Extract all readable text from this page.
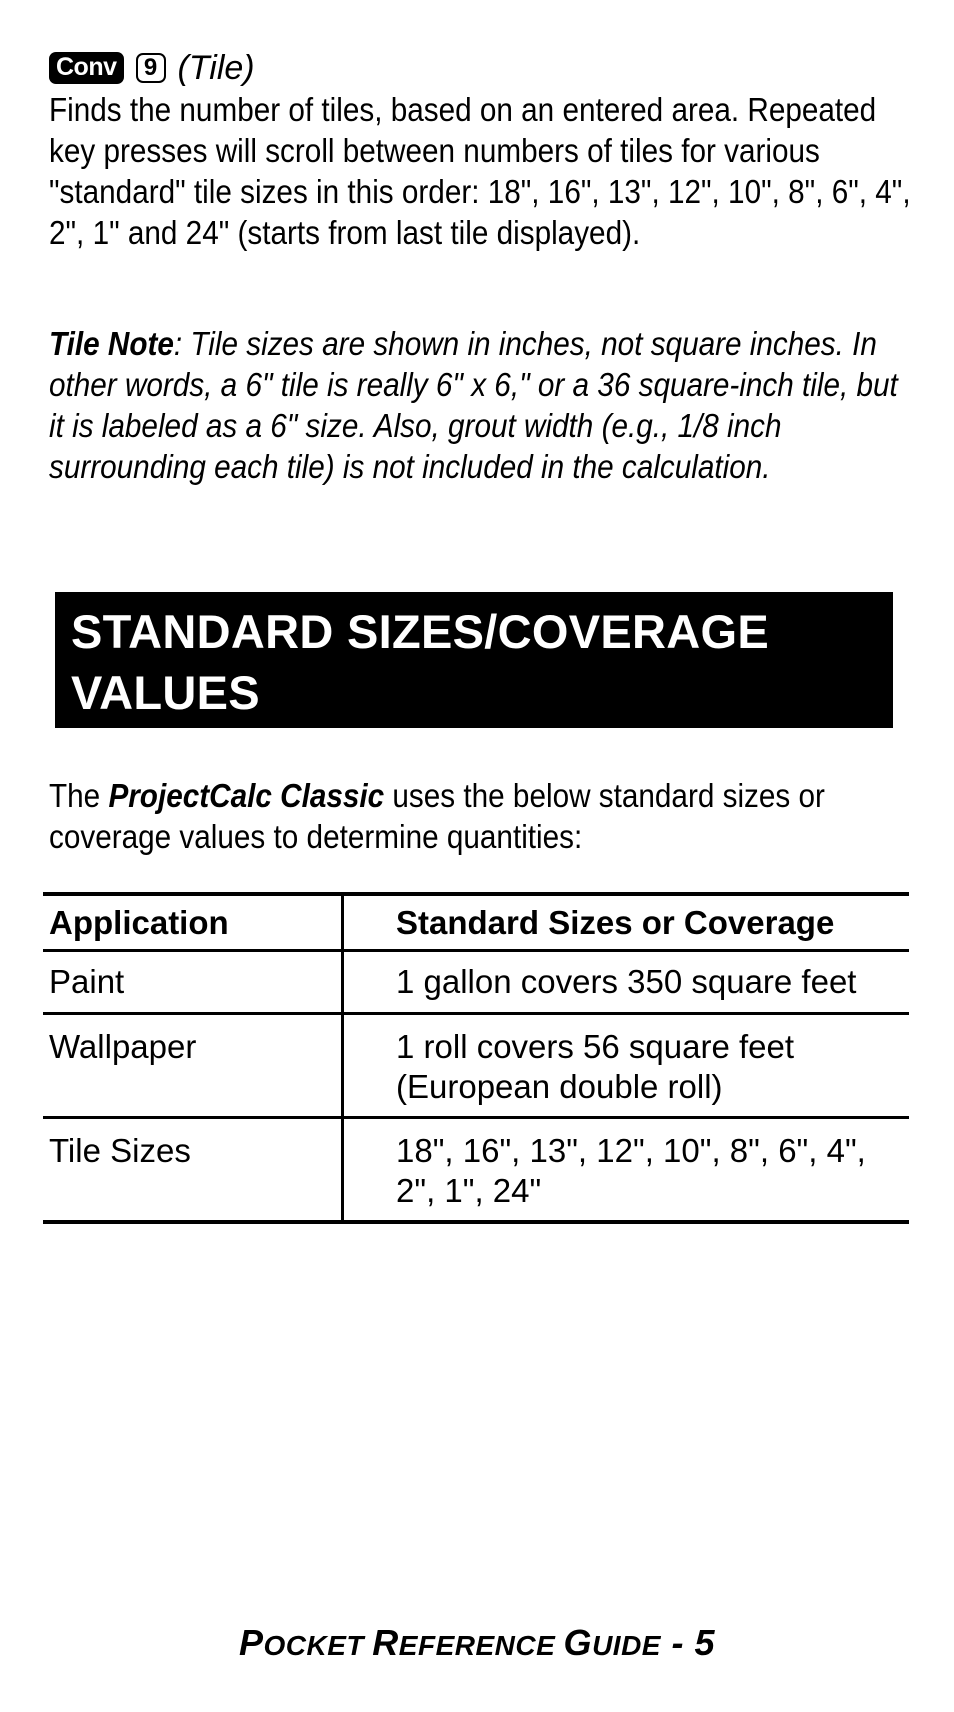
Conv	9 (Tile)
Finds the number of tiles, based on an entered area. Repeated key presses will scroll between numbers of tiles for various "standard" tile sizes in this order: 18", 16", 13", 12", 10", 8", 6", 4", 2", 1" and 24" (starts from last tile displayed).
Tile Note: Tile sizes are shown in inches, not square inches. In other words, a 6" tile is really 6" x 6," or a 36 square-inch tile, but it is labeled as a 6" size. Also, grout width (e.g., 1/8 inch surrounding each tile) is not included in the calculation.
STANDARD SIZES/COVERAGE
VALUES
The ProjectCalc Classic uses the below standard sizes or coverage values to determine quantities:
Application	Standard Sizes or Coverage
Paint	1 gallon covers 350 square feet

Wallpaper	1 roll covers 56 square feet
(European double roll)

Tile Sizes	18", 16", 13", 12", 10", 8", 6", 4",
2", 1", 24"
POCKET REFERENCE GUIDE - 5
